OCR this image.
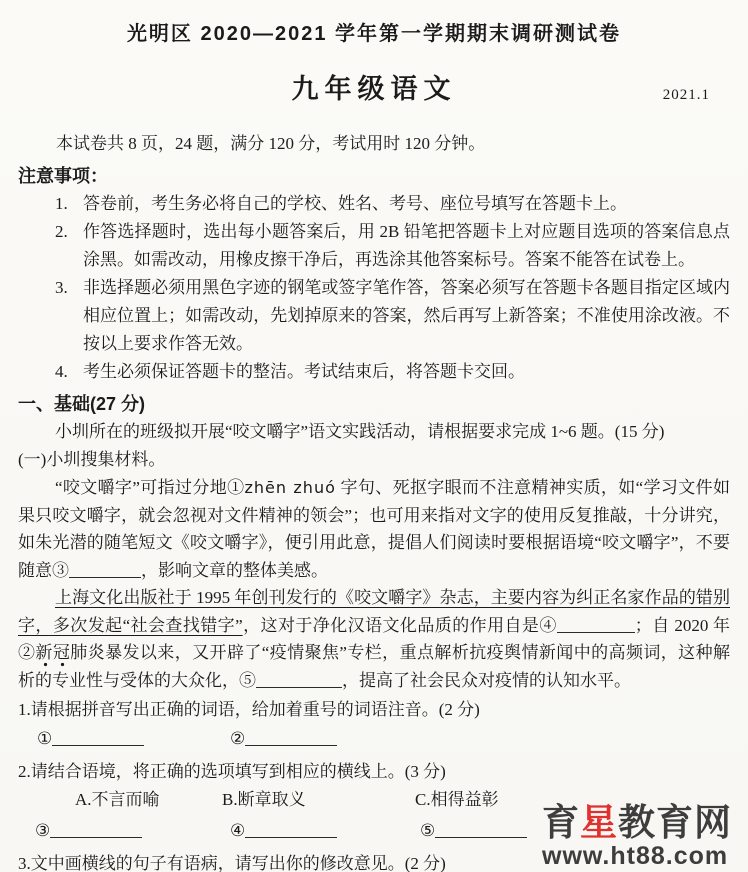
光明区 2020—2021 学年第一学期期末调研测试卷
九年级语文	2021.1
本试卷共 8 页，24 题，满分 120 分，考试用时 120 分钟。
注意事项：
1. 答卷前，考生务必将自己的学校、姓名、考号、座位号填写在答题卡上。
2. 作答选择题时，选出每小题答案后，用 2B 铅笔把答题卡上对应题目选项的答案信息点涂黑。如需改动，用橡皮擦干净后，再选涂其他答案标号。答案不能答在试卷上。
3. 非选择题必须用黑色字迹的钢笔或签字笔作答，答案必须写在答题卡各题目指定区域内相应位置上；如需改动，先划掉原来的答案，然后再写上新答案；不准使用涂改液。不按以上要求作答无效。
4. 考生必须保证答题卡的整洁。考试结束后，将答题卡交回。
一、基础(27 分)
小圳所在的班级拟开展“咬文嚼字”语文实践活动，请根据要求完成 1~6 题。(15 分)
(一)小圳搜集材料。

“咬文嚼字”可指过分地①zhēn zhuó 字句、死抠字眼而不注意精神实质，如“学习文件如果只咬文嚼字，就会忽视对文件精神的领会”；也可用来指对文字的使用反复推敲，十分讲究，如朱光潜的随笔短文《咬文嚼字》，便引用此意，提倡人们阅读时要根据语境“咬文嚼字”，不要随意③	，影响文章的整体美感。

上海文化出版社于 1995 年创刊发行的《咬文嚼字》杂志，主要内容为纠正名家作品的错别字，多次发起“社会查找错字”，这对于净化汉语文化品质的作用自是④	；自 2020 年②新冠肺炎暴发以来，又开辟了“疫情聚焦”专栏，重点解析抗疫舆情新闻中的高频词，这种解析的专业性与受体的大众化，⑤	，提高了社会民众对疫情的认知水平。

1.请根据拼音写出正确的词语，给加着重号的词语注音。(2 分)
①	②
2.请结合语境，将正确的选项填写到相应的横线上。(3 分)
A.不言而喻	B.断章取义	C.相得益彰
③	④	⑤
3.文中画横线的句子有语病，请写出你的修改意见。(2 分)
育星教育网
www.ht88.com
